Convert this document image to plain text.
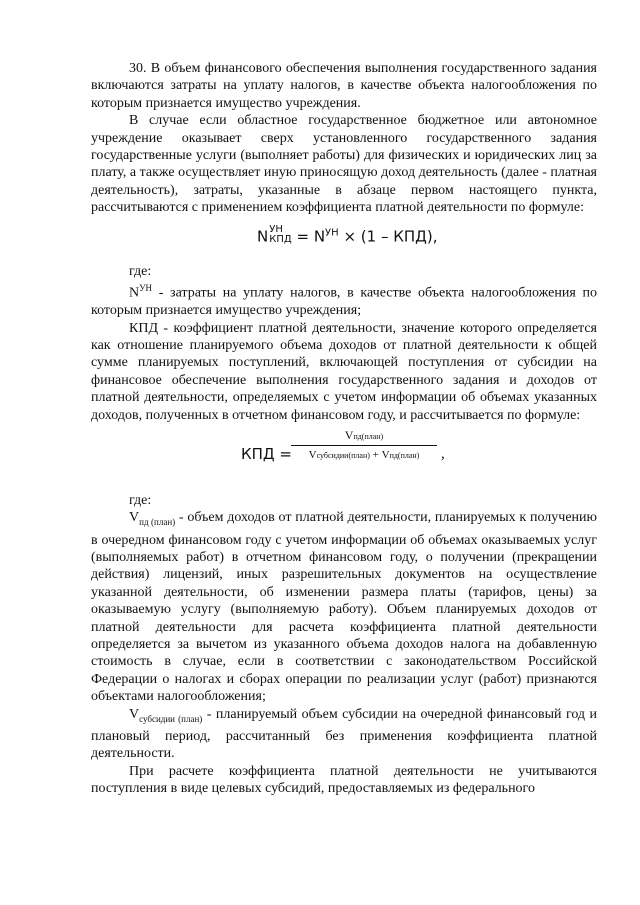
30. В объем финансового обеспечения выполнения государственного задания включаются затраты на уплату налогов, в качестве объекта налогообложения по которым признается имущество учреждения.

В случае если областное государственное бюджетное или автономное учреждение оказывает сверх установленного государственного задания государственные услуги (выполняет работы) для физических и юридических лиц за плату, а также осуществляет иную приносящую доход деятельность (далее - платная деятельность), затраты, указанные в абзаце первом настоящего пункта, рассчитываются с применением коэффициента платной деятельности по формуле:

N УН
КПД = $N^{УН} \times (1 - КПД)$,

где:

$N^{УН}$ - затраты на уплату налогов, в качестве объекта налогообложения по которым признается имущество учреждения;

КПД - коэффициент платной деятельности, значение которого определяется как отношение планируемого объема доходов от платной деятельности к общей сумме планируемых поступлений, включающей поступления от субсидии на финансовое обеспечение выполнения государственного задания и доходов от платной деятельности, определяемых с учетом информации об объемах указанных доходов, полученных в отчетном финансовом году, и рассчитывается по формуле:

КПД =
Vпд(план)
Vсубсидии(план) + Vпд(план)	,

где:

$V_{пд (план)}$ - объем доходов от платной деятельности, планируемых к получению в очередном финансовом году с учетом информации об объемах оказываемых услуг (выполняемых работ) в отчетном финансовом году, о получении (прекращении действия) лицензий, иных разрешительных документов на осуществление указанной деятельности, об изменении размера платы (тарифов, цены) за оказываемую услугу (выполняемую работу). Объем планируемых доходов от платной деятельности для расчета коэффициента платной деятельности определяется за вычетом из указанного объема доходов налога на добавленную стоимость в случае, если в соответствии с законодательством Российской Федерации о налогах и сборах операции по реализации услуг (работ) признаются объектами налогообложения;

$V_{субсидии (план)}$ - планируемый объем субсидии на очередной финансовый год и плановый период, рассчитанный без применения коэффициента платной деятельности.

При расчете коэффициента платной деятельности не учитываются поступления в виде целевых субсидий, предоставляемых из федерального
